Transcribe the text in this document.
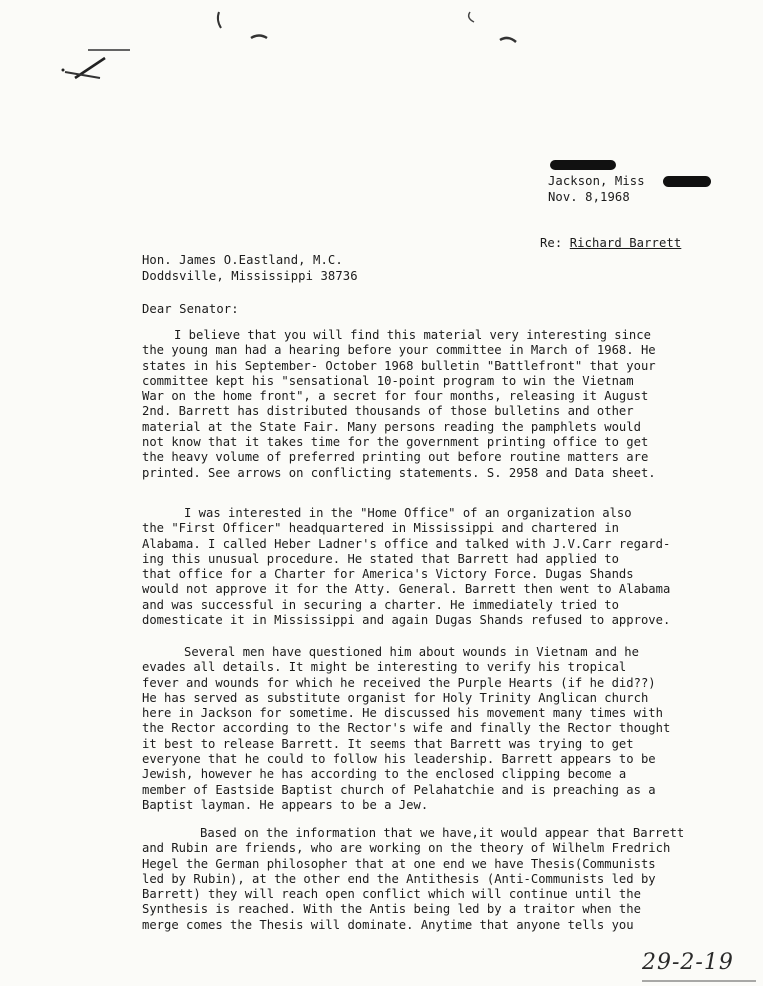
Jackson, Miss
Nov. 8,1968
Re: Richard Barrett
Hon. James O.Eastland, M.C.
Doddsville, Mississippi 38736
Dear Senator:
I believe that you will find this material very interesting since
the young man had a hearing before your committee in March of 1968. He
states in his September- October 1968 bulletin "Battlefront" that your
committee kept his "sensational 10-point program to win the Vietnam
War on the home front", a secret for four months, releasing it August
2nd. Barrett has distributed thousands of those bulletins and other
material at the State Fair. Many persons reading the pamphlets would
not know that it takes time for the government printing office to get
the heavy volume of preferred printing out before routine matters are
printed. See arrows on conflicting statements. S. 2958 and Data sheet.
I was interested in the "Home Office" of an organization also
the "First Officer" headquartered in Mississippi and chartered in
Alabama. I called Heber Ladner's office and talked with J.V.Carr regard-
ing this unusual procedure. He stated that Barrett had applied to
that office for a Charter for America's Victory Force. Dugas Shands
would not approve it for the Atty. General. Barrett then went to Alabama
and was successful in securing a charter. He immediately tried to
domesticate it in Mississippi and again Dugas Shands refused to approve.
Several men have questioned him about wounds in Vietnam and he
evades all details. It might be interesting to verify his tropical
fever and wounds for which he received the Purple Hearts (if he did??)
He has served as substitute organist for Holy Trinity Anglican church
here in Jackson for sometime. He discussed his movement many times with
the Rector according to the Rector's wife and finally the Rector thought
it best to release Barrett. It seems that Barrett was trying to get
everyone that he could to follow his leadership. Barrett appears to be
Jewish, however he has according to the enclosed clipping become a
member of Eastside Baptist church of Pelahatchie and is preaching as a
Baptist layman. He appears to be a Jew.
Based on the information that we have,it would appear that Barrett
and Rubin are friends, who are working on the theory of Wilhelm Fredrich
Hegel the German philosopher that at one end we have Thesis(Communists
led by Rubin), at the other end the Antithesis (Anti-Communists led by
Barrett) they will reach open conflict which will continue until the
Synthesis is reached. With the Antis being led by a traitor when the
merge comes the Thesis will dominate. Anytime that anyone tells you
29-2-19
